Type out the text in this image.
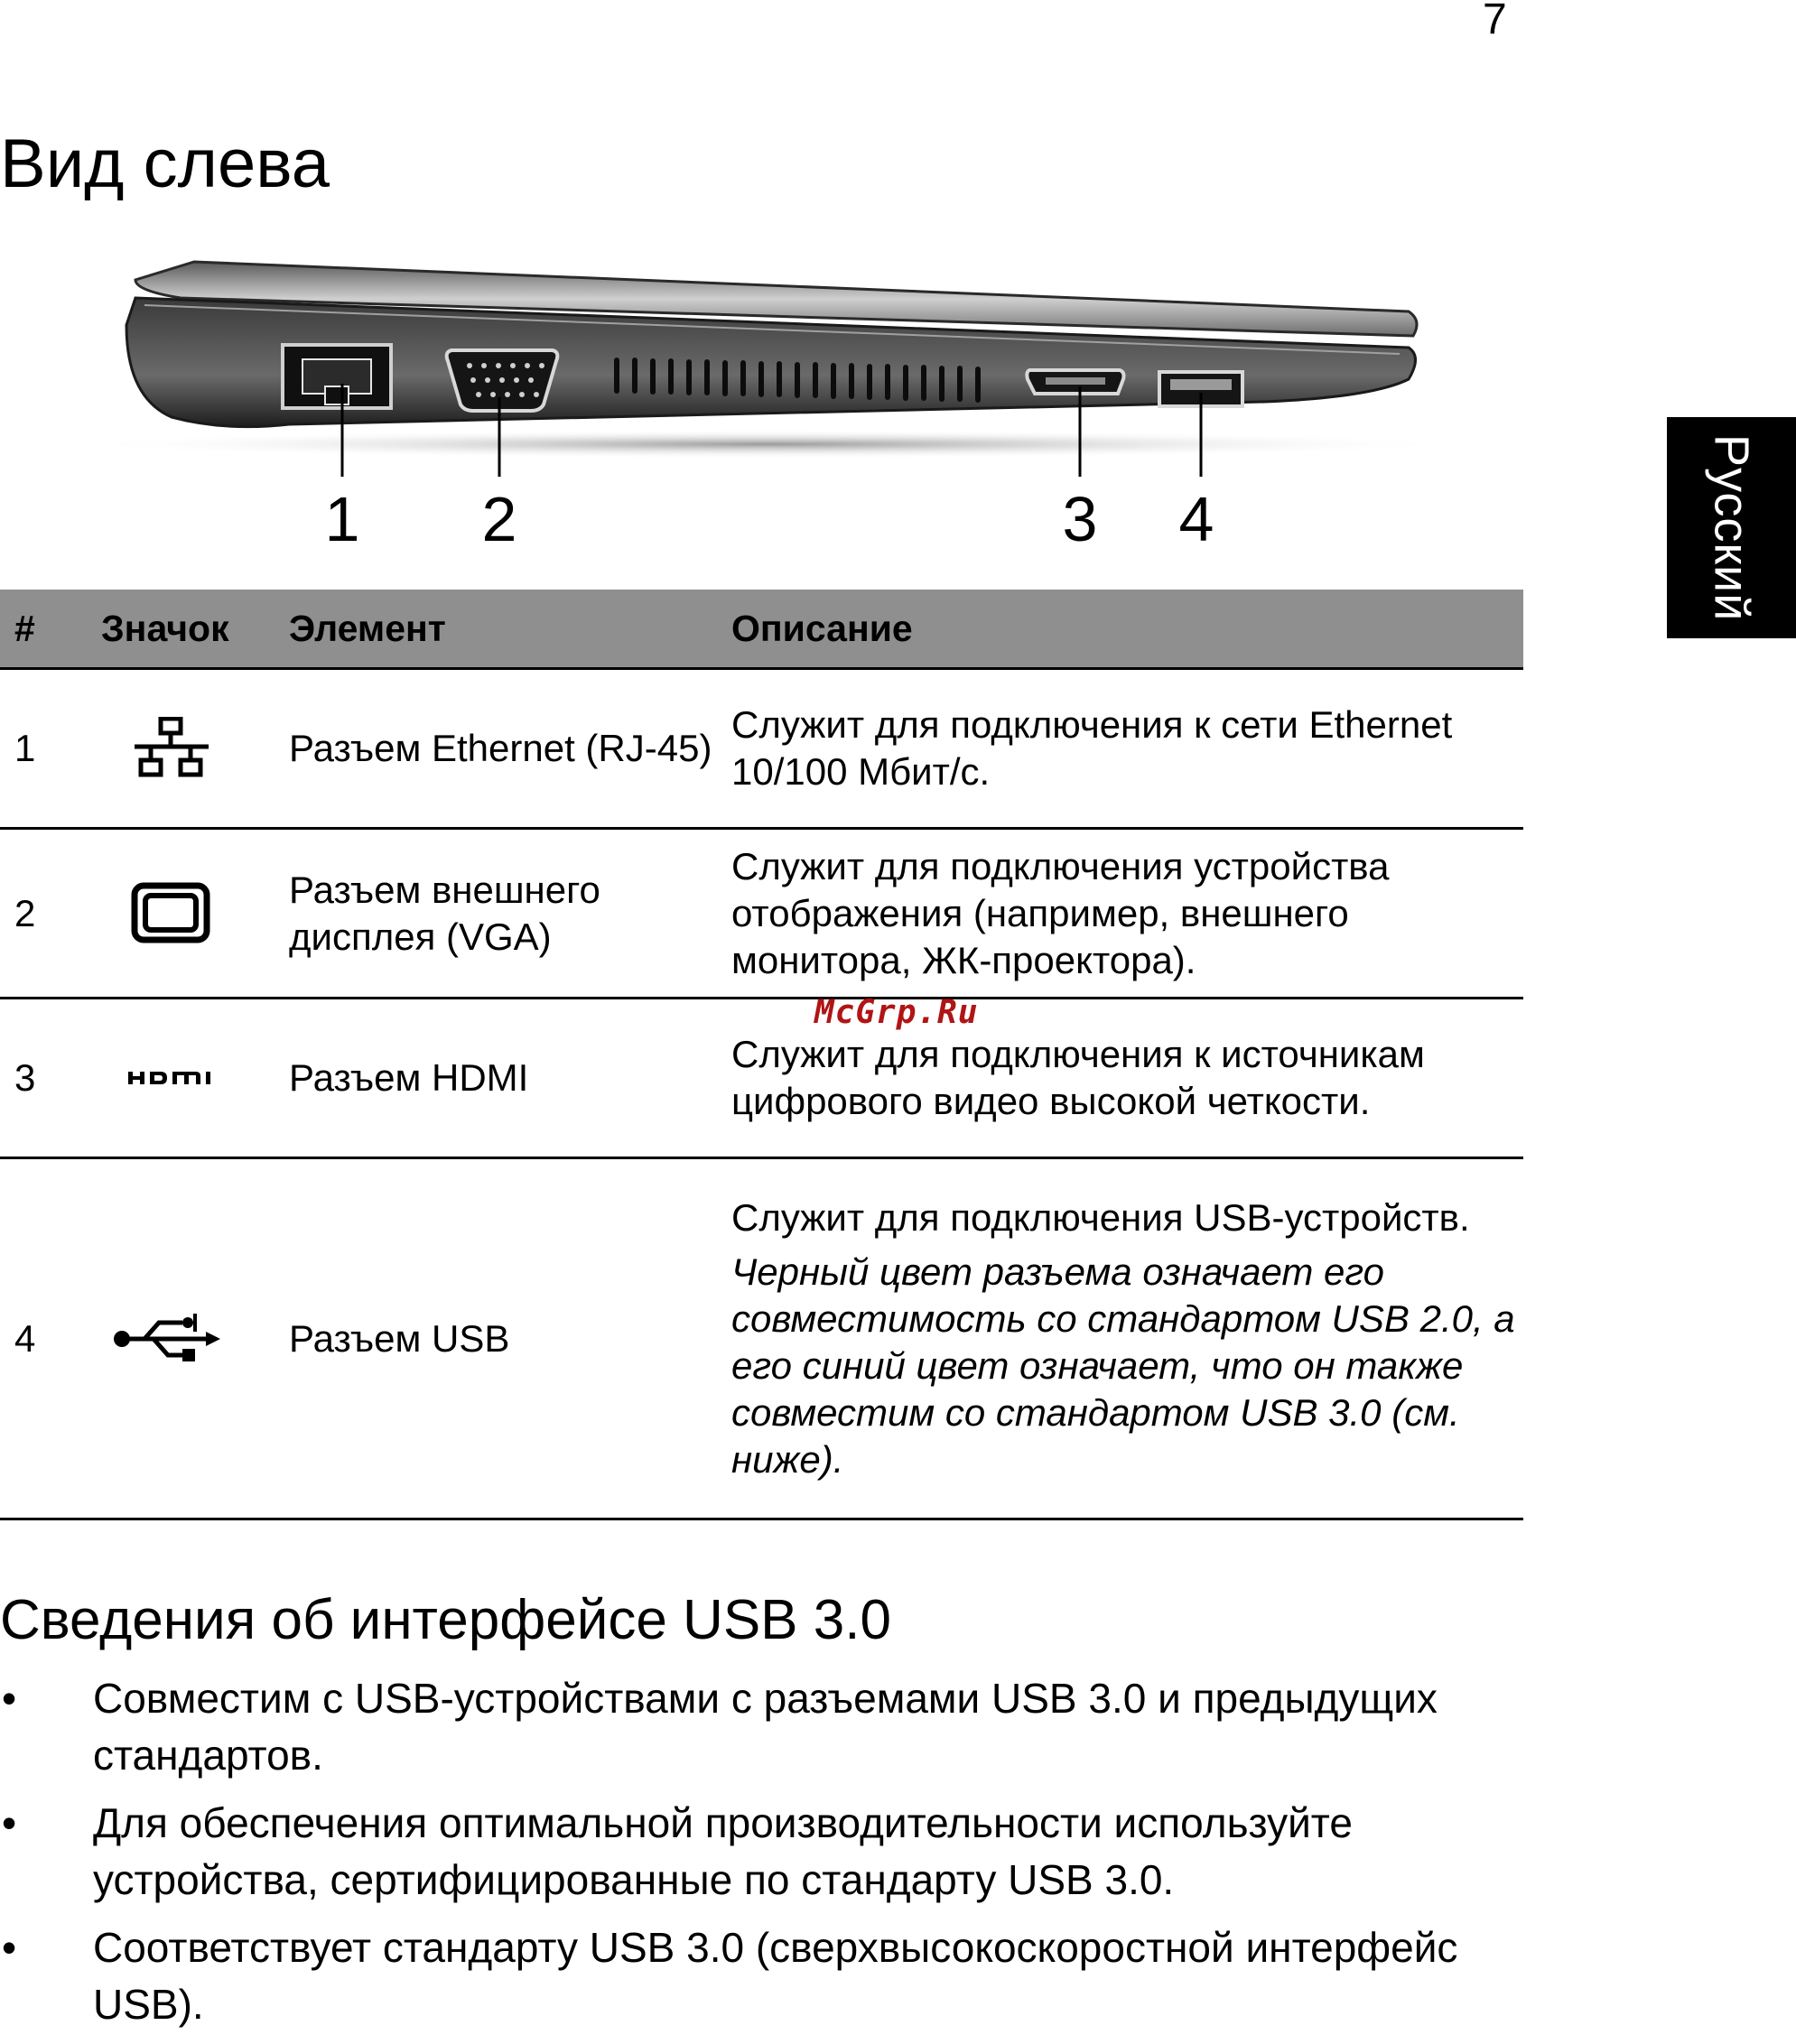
7
Русский
Вид слева
1 2	3 4
#	Значок	Элемент	Описание
1		Разъем Ethernet (RJ-45)	Служит для подключения к сети Ethernet 10/100 Мбит/с.

2		Разъем внешнего дисплея (VGA)	Служит для подключения устройства отображения (например, внешнего монитора, ЖК-проектора).

3		Разъем HDMI	Служит для подключения к источникам цифрового видео высокой четкости.

4		Разъем USB	Служит для подключения USB-устройств.
Черный цвет разъема означает его совместимость со стандартом USB 2.0, а его синий цвет означает, что он также совместим со стандартом USB 3.0 (см. ниже).
McGrp.Ru
Сведения об интерфейсе USB 3.0
• Совместим с USB-устройствами с разъемами USB 3.0 и предыдущих стандартов.
• Для обеспечения оптимальной производительности используйте устройства, сертифицированные по стандарту USB 3.0.
• Соответствует стандарту USB 3.0 (сверхвысокоскоростной интерфейс USB).
